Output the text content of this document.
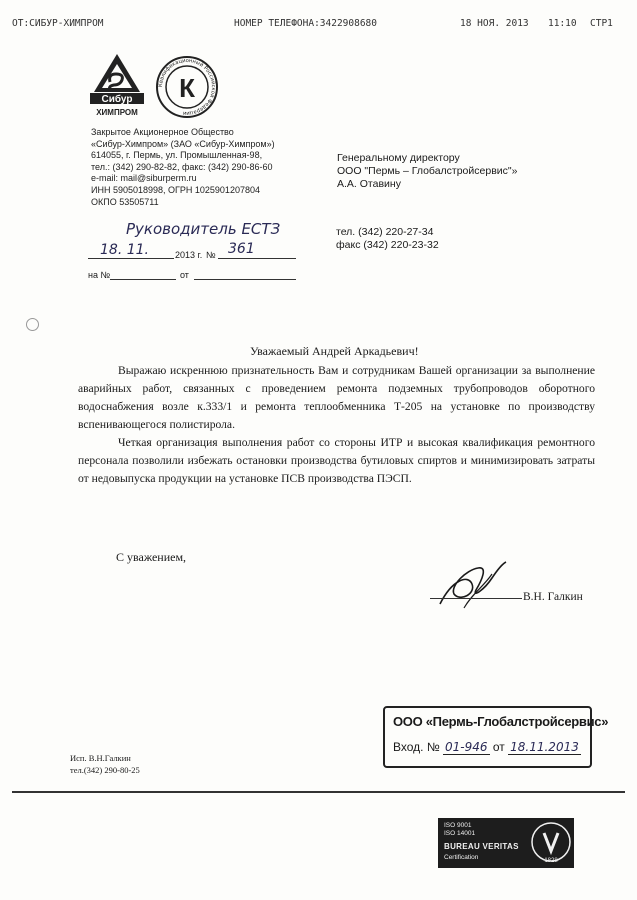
ОТ:СИБУР-ХИМПРОМ	НОМЕР ТЕЛЕФОНА:3422908680	18 НОЯ. 2013 11:10 СТР1
Сибур
ХИМПРОМ
Квалификационный Российской Федерации
К
Закрытое Акционерное Общество
«Сибур-Химпром» (ЗАО «Сибур-Химпром»)
614055, г. Пермь, ул. Промышленная-98,
тел.: (342) 290-82-82, факс: (342) 290-86-60
e-mail: mail@siburperm.ru
ИНН 5905018998, ОГРН 1025901207804
ОКПО 53505711
Генеральному директору
ООО "Пермь – Глобалстройсервис"»
А.А. Отавину
Руководитель ЕСТЗ
18. 11.	2013 г. № 361
на №	от
тел. (342) 220-27-34
факс (342) 220-23-32
Уважаемый Андрей Аркадьевич!

Выражаю искреннюю признательность Вам и сотрудникам Вашей организации за выполнение аварийных работ, связанных с проведением ремонта подземных трубопроводов оборотного водоснабжения возле к.333/1 и ремонта теплообменника Т-205 на установке по производству вспенивающегося полистирола.

Четкая организация выполнения работ со стороны ИТР и высокая квалификация ремонтного персонала позволили избежать остановки производства бутиловых спиртов и минимизировать затраты от недовыпуска продукции на установке ПСВ производства ПЭСП.

С уважением,
В.Н. Галкин
ООО «Пермь-Глобалстройсервис»
Вход. № 01-946 от 18.11.2013
Исп. В.Н.Галкин
тел.(342) 290-80-25
ISO 9001
ISO 14001
BUREAU VERITAS
Certification	1828
